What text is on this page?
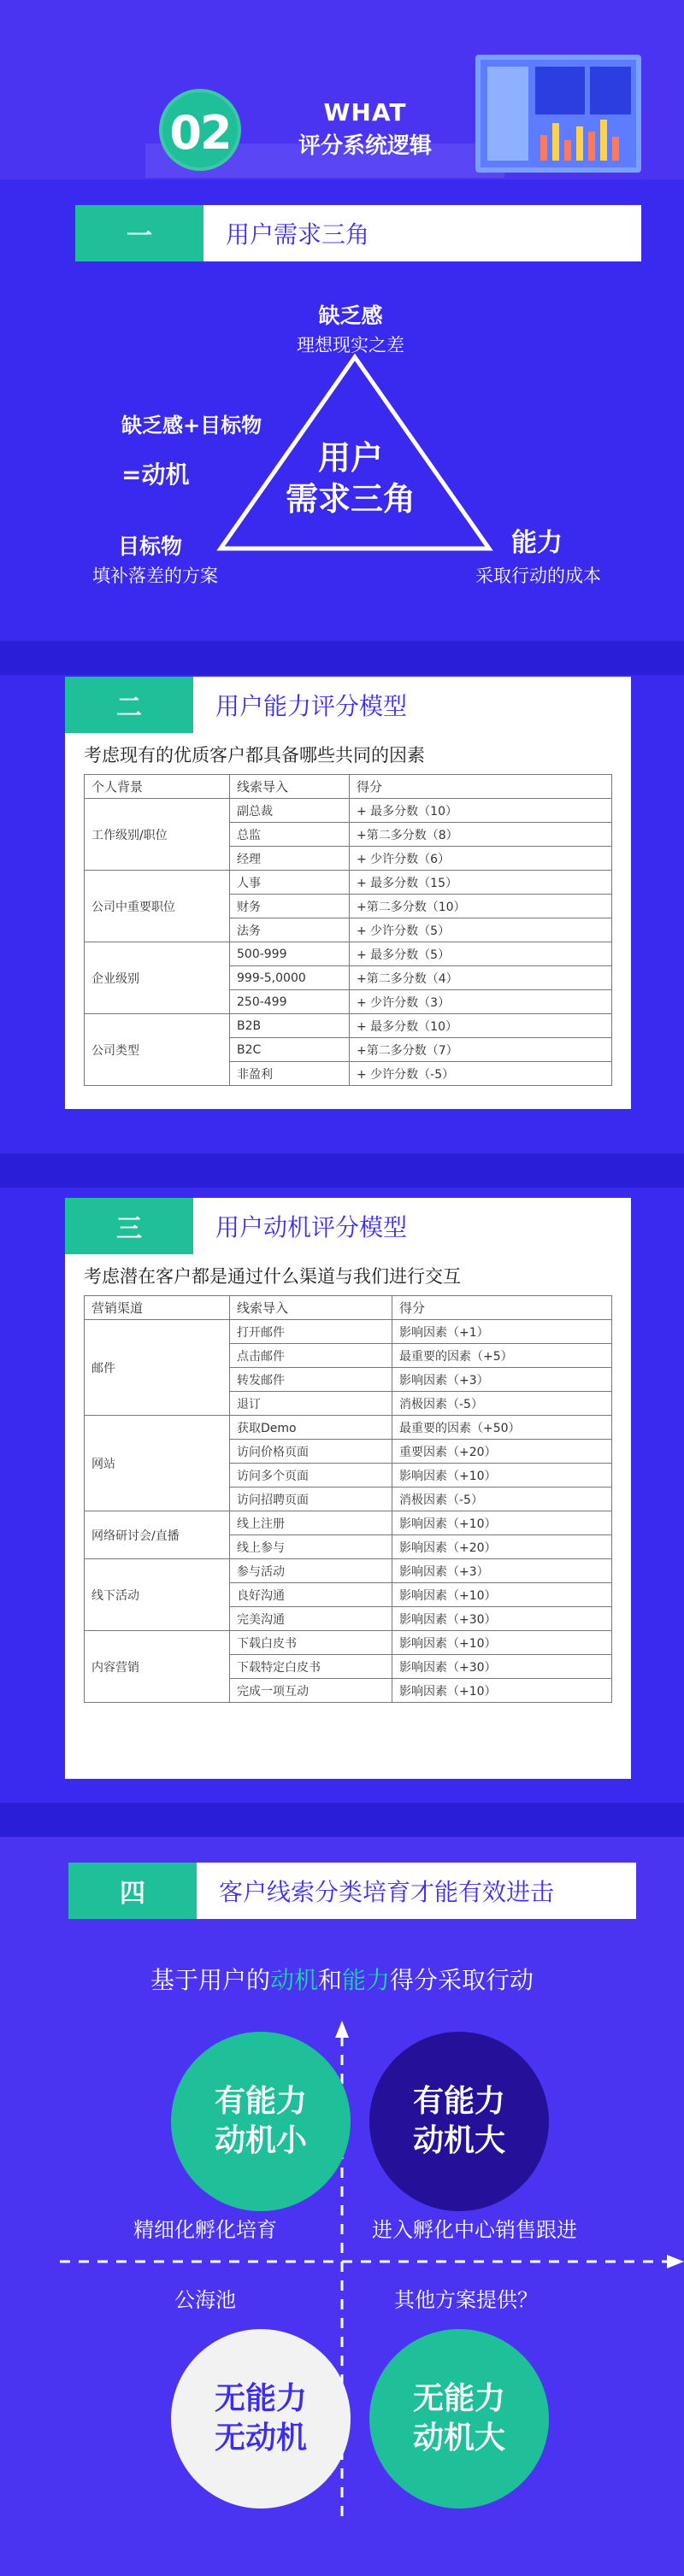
02	WHAT
评分系统逻辑
一	用户需求三角
缺乏感
理想现实之差
缺乏感+目标物
=动机	用户
需求三角
目标物
填补落差的方案
能力
采取行动的成本
二	用户能力评分模型
考虑现有的优质客户都具备哪些共同的因素
个人背景	线索导入	得分
工作级别/职位	副总裁	+ 最多分数（10）
	总监	+第二多分数（8）
	经理	+ 少许分数（6）
公司中重要职位	人事	+ 最多分数（15）
	财务	+第二多分数（10）
	法务	+ 少许分数（5）
企业级别	500-999	+ 最多分数（5）
	999-5,0000	+第二多分数（4）
	250-499	+ 少许分数（3）
公司类型	B2B	+ 最多分数（10）
	B2C	+第二多分数（7）
	非盈利	+ 少许分数（-5）
三	用户动机评分模型
考虑潜在客户都是通过什么渠道与我们进行交互
营销渠道	线索导入	得分
邮件	打开邮件	影响因素（+1）
	点击邮件	最重要的因素（+5）
	转发邮件	影响因素（+3）
	退订	消极因素（-5）
网站	获取Demo	最重要的因素（+50）
	访问价格页面	重要因素（+20）
	访问多个页面	影响因素（+10）
	访问招聘页面	消极因素（-5）
网络研讨会/直播	线上注册	影响因素（+10）
	线上参与	影响因素（+20）
线下活动	参与活动	影响因素（+3）
	良好沟通	影响因素（+10）
	完美沟通	影响因素（+30）
内容营销	下载白皮书	影响因素（+10）
	下载特定白皮书	影响因素（+30）
	完成一项互动	影响因素（+10）
四	客户线索分类培育才能有效进击
基于用户的动机和能力得分采取行动
有能力
动机小
有能力
动机大
精细化孵化培育	进入孵化中心销售跟进
公海池	其他方案提供？
无能力
无动机
无能力
动机大
